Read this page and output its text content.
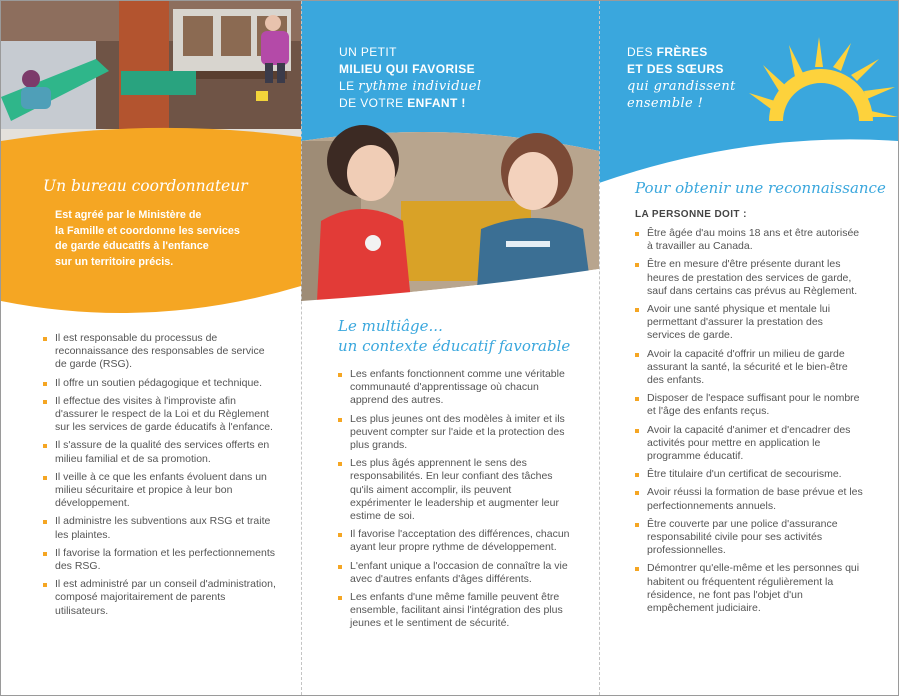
Un bureau coordonnateur
Est agréé par le Ministère de
la Famille et coordonne les services
de garde éducatifs à l'enfance
sur un territoire précis.
Il est responsable du processus de reconnaissance des responsables de service de garde (RSG).
Il offre un soutien pédagogique et technique.
Il effectue des visites à l'improviste afin d'assurer le respect de la Loi et du Règlement sur les services de garde éducatifs à l'enfance.
Il s'assure de la qualité des services offerts en milieu familial et de sa promotion.
Il veille à ce que les enfants évoluent dans un milieu sécuritaire et propice à leur bon développement.
Il administre les subventions aux RSG et traite les plaintes.
Il favorise la formation et les perfectionnements des RSG.
Il est administré par un conseil d'administration, composé majoritairement de parents utilisateurs.
UN PETIT
MILIEU QUI FAVORISE
LE rythme individuel
DE VOTRE ENFANT !
Le multiâge...
un contexte éducatif favorable
Les enfants fonctionnent comme une véritable communauté d'apprentissage où chacun apprend des autres.
Les plus jeunes ont des modèles à imiter et ils peuvent compter sur l'aide et la protection des plus grands.
Les plus âgés apprennent le sens des responsabilités. En leur confiant des tâches qu'ils aiment accomplir, ils peuvent expérimenter le leadership et augmenter leur estime de soi.
Il favorise l'acceptation des différences, chacun ayant leur propre rythme de développement.
L'enfant unique a l'occasion de connaître la vie avec d'autres enfants d'âges différents.
Les enfants d'une même famille peuvent être ensemble, facilitant ainsi l'intégration des plus jeunes et le sentiment de sécurité.
DES FRÈRES
ET DES SŒURS
qui grandissent
ensemble !
Pour obtenir une reconnaissance
LA PERSONNE DOIT :
Être âgée d'au moins 18 ans et être autorisée à travailler au Canada.
Être en mesure d'être présente durant les heures de prestation des services de garde, sauf dans certains cas prévus au Règlement.
Avoir une santé physique et mentale lui permettant d'assurer la prestation des services de garde.
Avoir la capacité d'offrir un milieu de garde assurant la santé, la sécurité et le bien-être des enfants.
Disposer de l'espace suffisant pour le nombre et l'âge des enfants reçus.
Avoir la capacité d'animer et d'encadrer des activités pour mettre en application le programme éducatif.
Être titulaire d'un certificat de secourisme.
Avoir réussi la formation de base prévue et les perfectionnements annuels.
Être couverte par une police d'assurance responsabilité civile pour ses activités professionnelles.
Démontrer qu'elle-même et les personnes qui habitent ou fréquentent régulièrement la résidence, ne font pas l'objet d'un empêchement judiciaire.
